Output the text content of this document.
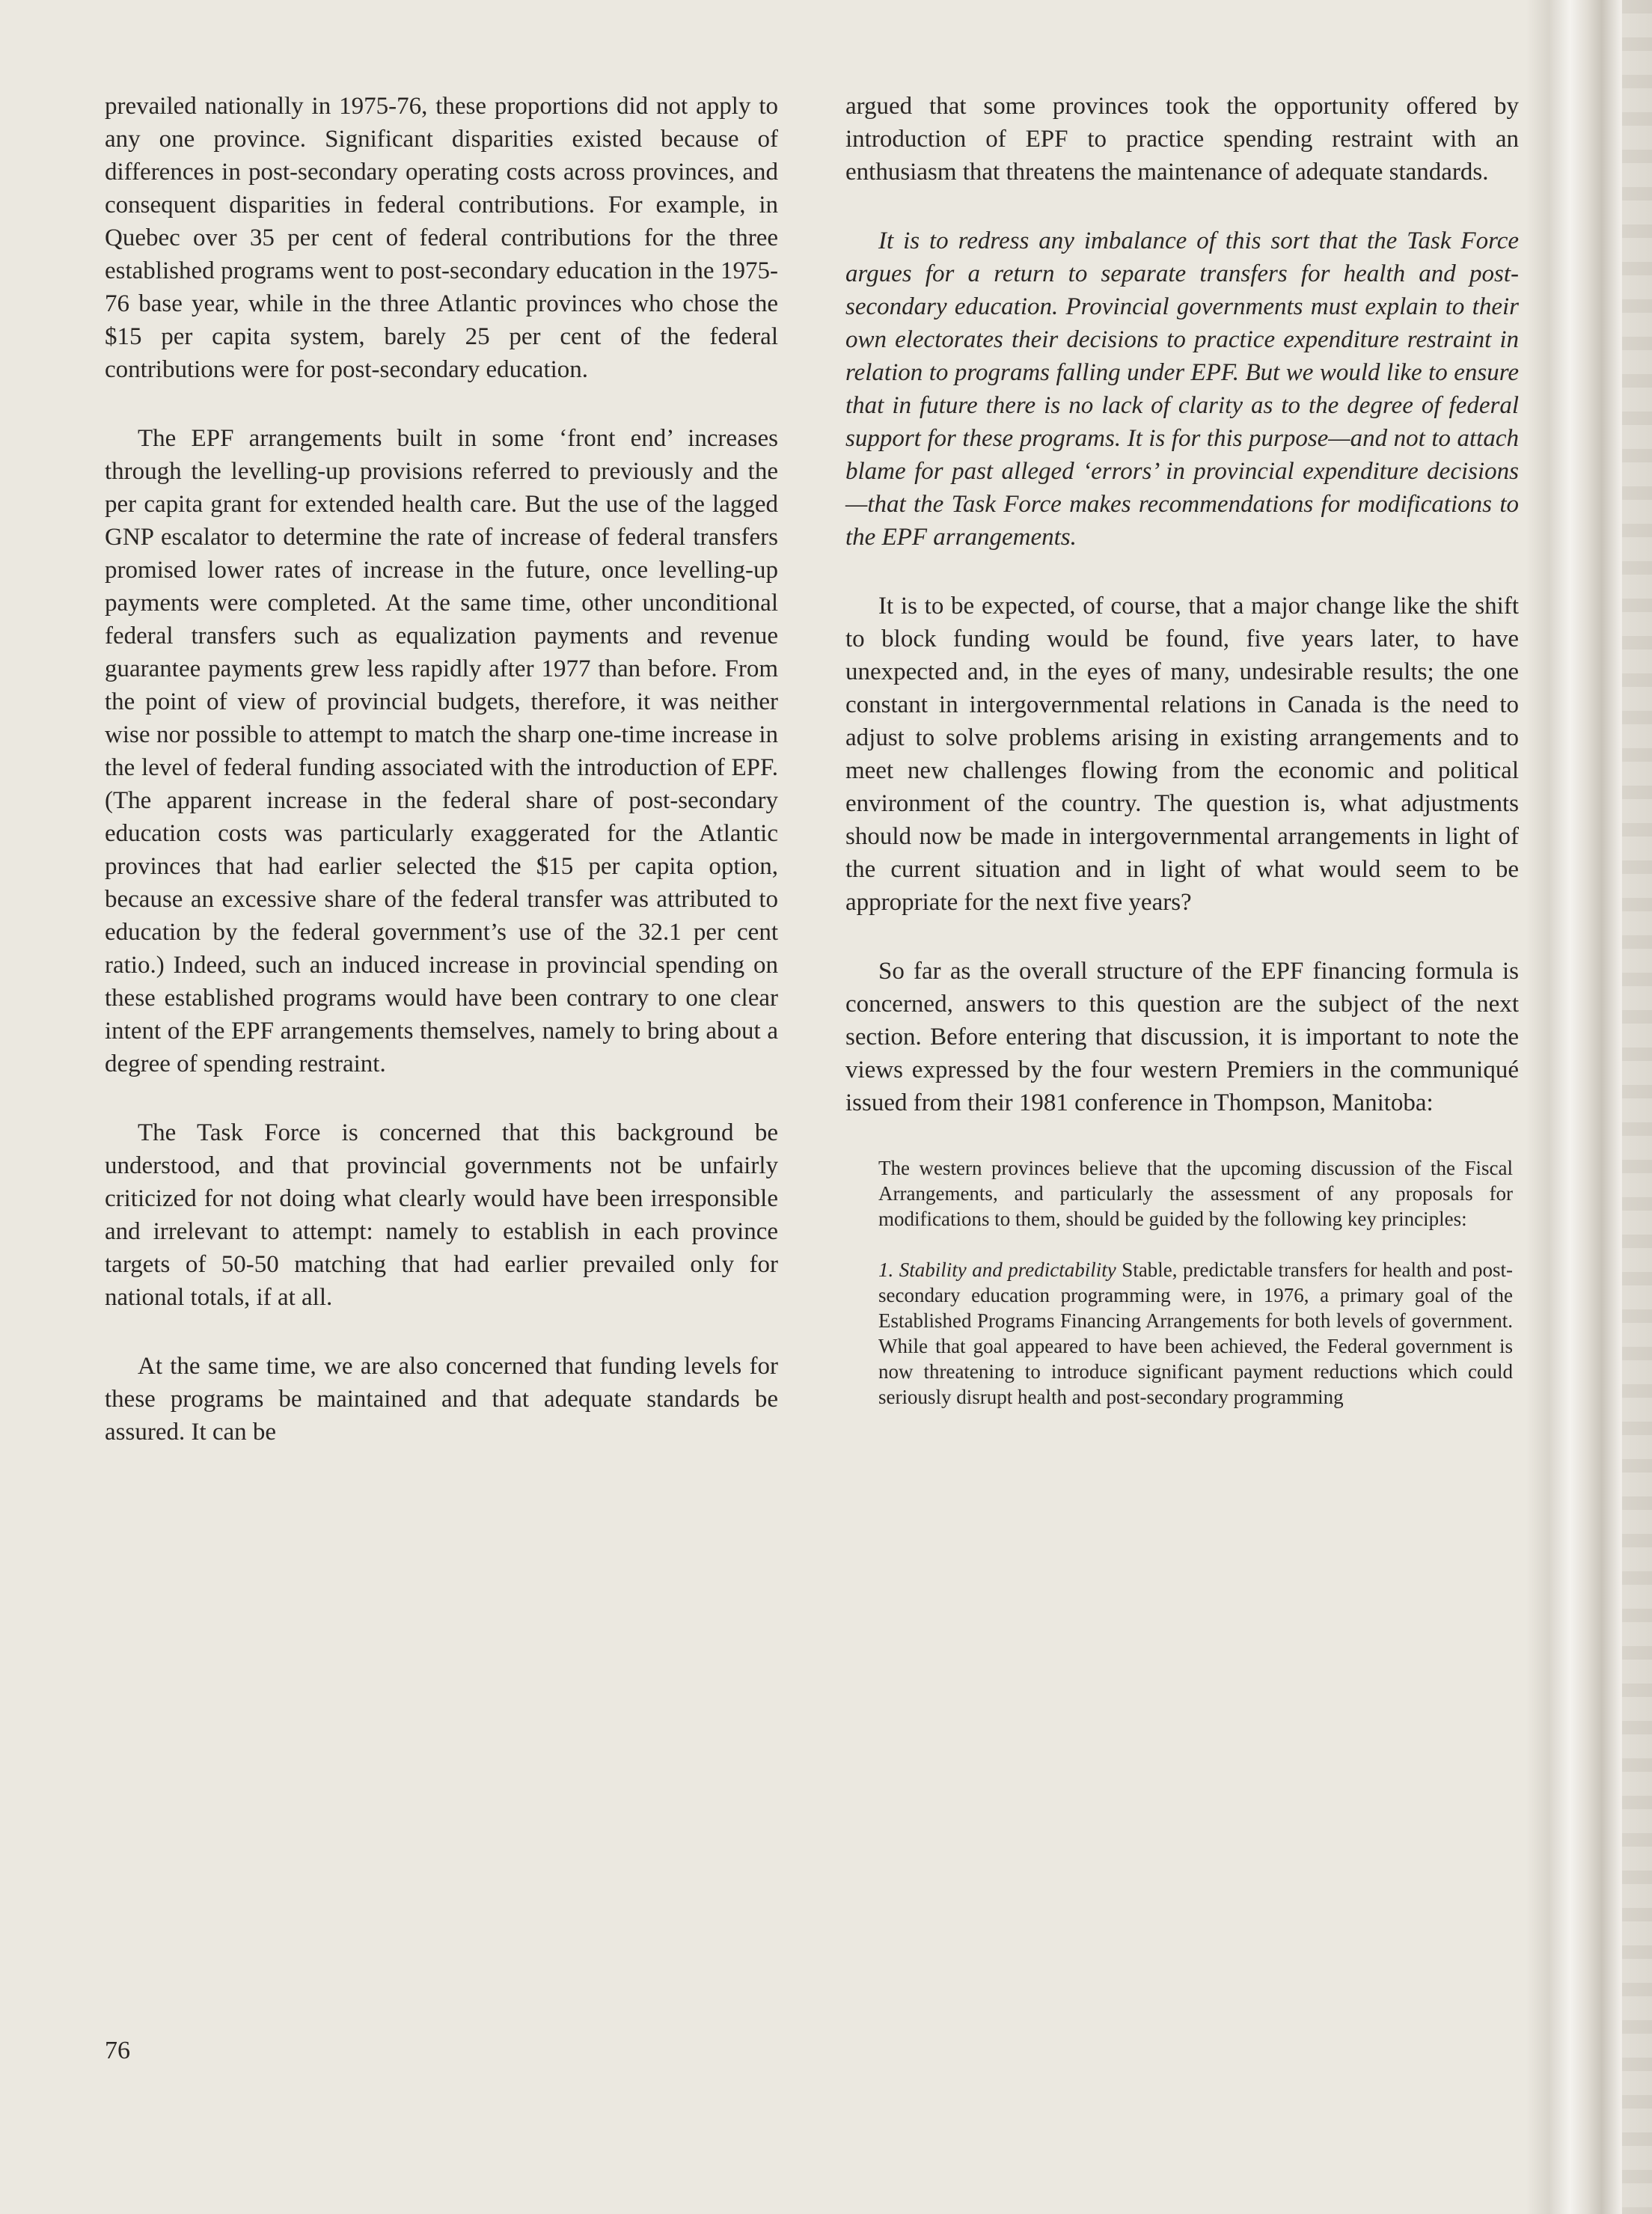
prevailed nationally in 1975-76, these proportions did not apply to any one province. Significant disparities existed because of differences in post-secondary operating costs across provinces, and consequent disparities in federal contributions. For example, in Quebec over 35 per cent of federal contributions for the three established programs went to post-secondary education in the 1975-76 base year, while in the three Atlantic provinces who chose the $15 per capita system, barely 25 per cent of the federal contributions were for post-secondary education.

The EPF arrangements built in some ‘front end’ increases through the levelling-up provisions referred to previously and the per capita grant for extended health care. But the use of the lagged GNP escalator to determine the rate of increase of federal transfers promised lower rates of increase in the future, once levelling-up payments were completed. At the same time, other unconditional federal transfers such as equalization payments and revenue guarantee payments grew less rapidly after 1977 than before. From the point of view of provincial budgets, therefore, it was neither wise nor possible to attempt to match the sharp one-time increase in the level of federal funding associated with the introduction of EPF. (The apparent increase in the federal share of post-secondary education costs was particularly exaggerated for the Atlantic provinces that had earlier selected the $15 per capita option, because an excessive share of the federal transfer was attributed to education by the federal government’s use of the 32.1 per cent ratio.) Indeed, such an induced increase in provincial spending on these established programs would have been contrary to one clear intent of the EPF arrangements themselves, namely to bring about a degree of spending restraint.

The Task Force is concerned that this background be understood, and that provincial governments not be unfairly criticized for not doing what clearly would have been irresponsible and irrelevant to attempt: namely to establish in each province targets of 50-50 matching that had earlier prevailed only for national totals, if at all.

At the same time, we are also concerned that funding levels for these programs be maintained and that adequate standards be assured. It can be

argued that some provinces took the opportunity offered by introduction of EPF to practice spending restraint with an enthusiasm that threatens the maintenance of adequate standards.

It is to redress any imbalance of this sort that the Task Force argues for a return to separate transfers for health and post-secondary education. Provincial governments must explain to their own electorates their decisions to practice expenditure restraint in relation to programs falling under EPF. But we would like to ensure that in future there is no lack of clarity as to the degree of federal support for these programs. It is for this purpose—and not to attach blame for past alleged ‘errors’ in provincial expenditure decisions—that the Task Force makes recommendations for modifications to the EPF arrangements.

It is to be expected, of course, that a major change like the shift to block funding would be found, five years later, to have unexpected and, in the eyes of many, undesirable results; the one constant in intergovernmental relations in Canada is the need to adjust to solve problems arising in existing arrangements and to meet new challenges flowing from the economic and political environment of the country. The question is, what adjustments should now be made in intergovernmental arrangements in light of the current situation and in light of what would seem to be appropriate for the next five years?

So far as the overall structure of the EPF financing formula is concerned, answers to this question are the subject of the next section. Before entering that discussion, it is important to note the views expressed by the four western Premiers in the communiqué issued from their 1981 conference in Thompson, Manitoba:

The western provinces believe that the upcoming discussion of the Fiscal Arrangements, and particularly the assessment of any proposals for modifications to them, should be guided by the following key principles:

1. Stability and predictability Stable, predictable transfers for health and post-secondary education programming were, in 1976, a primary goal of the Established Programs Financing Arrangements for both levels of government. While that goal appeared to have been achieved, the Federal government is now threatening to introduce significant payment reductions which could seriously disrupt health and post-secondary programming

76
